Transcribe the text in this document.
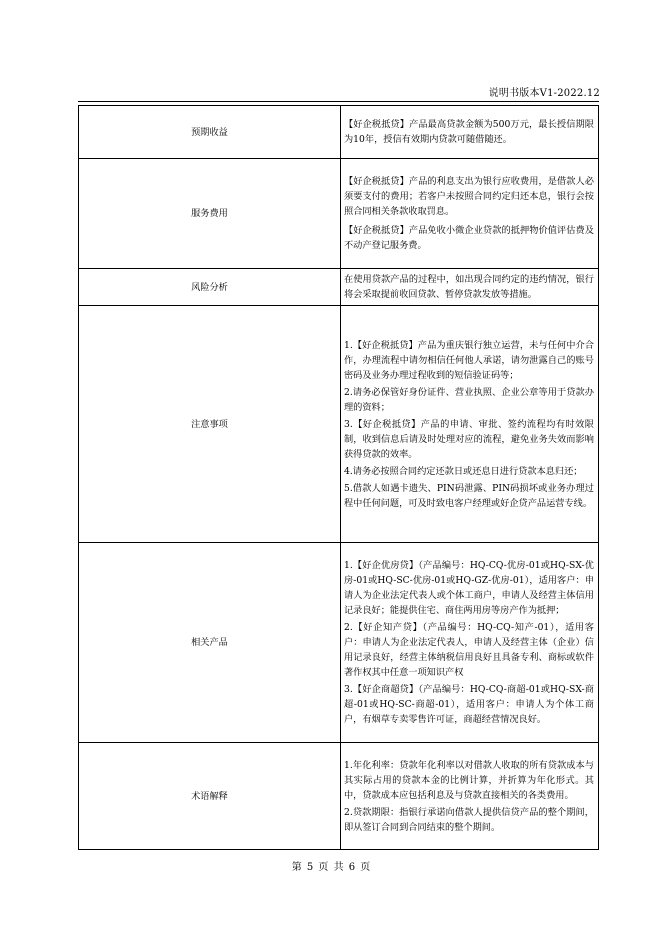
说明书版本V1-2022.12
预期收益	【好企税抵贷】产品最高贷款金额为500万元，最长授信期限为10年，授信有效期内贷款可随借随还。

服务费用	【好企税抵贷】产品的利息支出为银行应收费用，是借款人必须要支付的费用；若客户未按照合同约定归还本息，银行会按照合同相关条款收取罚息。

【好企税抵贷】产品免收小微企业贷款的抵押物价值评估费及不动产登记服务费。

风险分析	在使用贷款产品的过程中，如出现合同约定的违约情况，银行将会采取提前收回贷款、暂停贷款发放等措施。

注意事项	1.【好企税抵贷】产品为重庆银行独立运营，未与任何中介合作，办理流程中请勿相信任何他人承诺，请勿泄露自己的账号密码及业务办理过程收到的短信验证码等；

2.请务必保管好身份证件、营业执照、企业公章等用于贷款办理的资料；

3.【好企税抵贷】产品的申请、审批、签约流程均有时效限制，收到信息后请及时处理对应的流程，避免业务失效而影响获得贷款的效率。

4.请务必按照合同约定还款日或还息日进行贷款本息归还；

5.借款人如遇卡遗失、PIN码泄露、PIN码损坏或业务办理过程中任何问题，可及时致电客户经理或好企贷产品运营专线。

相关产品	1.【好企优房贷】（产品编号：HQ-CQ-优房-01或HQ-SX-优房-01或HQ-SC-优房-01或HQ-GZ-优房-01），适用客户：申请人为企业法定代表人或个体工商户，申请人及经营主体信用记录良好；能提供住宅、商住两用房等房产作为抵押；

2.【好企知产贷】（产品编号：HQ-CQ-知产-01），适用客户：申请人为企业法定代表人，申请人及经营主体（企业）信用记录良好，经营主体纳税信用良好且具备专利、商标或软件著作权其中任意一项知识产权

3.【好企商超贷】（产品编号：HQ-CQ-商超-01或HQ-SX-商超-01或HQ-SC-商超-01），适用客户：申请人为个体工商户，有烟草专卖零售许可证，商超经营情况良好。

术语解释	1.年化利率：贷款年化利率以对借款人收取的所有贷款成本与其实际占用的贷款本金的比例计算，并折算为年化形式。其中，贷款成本应包括利息及与贷款直接相关的各类费用。

2.贷款期限：指银行承诺向借款人提供信贷产品的整个期间，即从签订合同到合同结束的整个期间。

第 5 页 共 6 页
